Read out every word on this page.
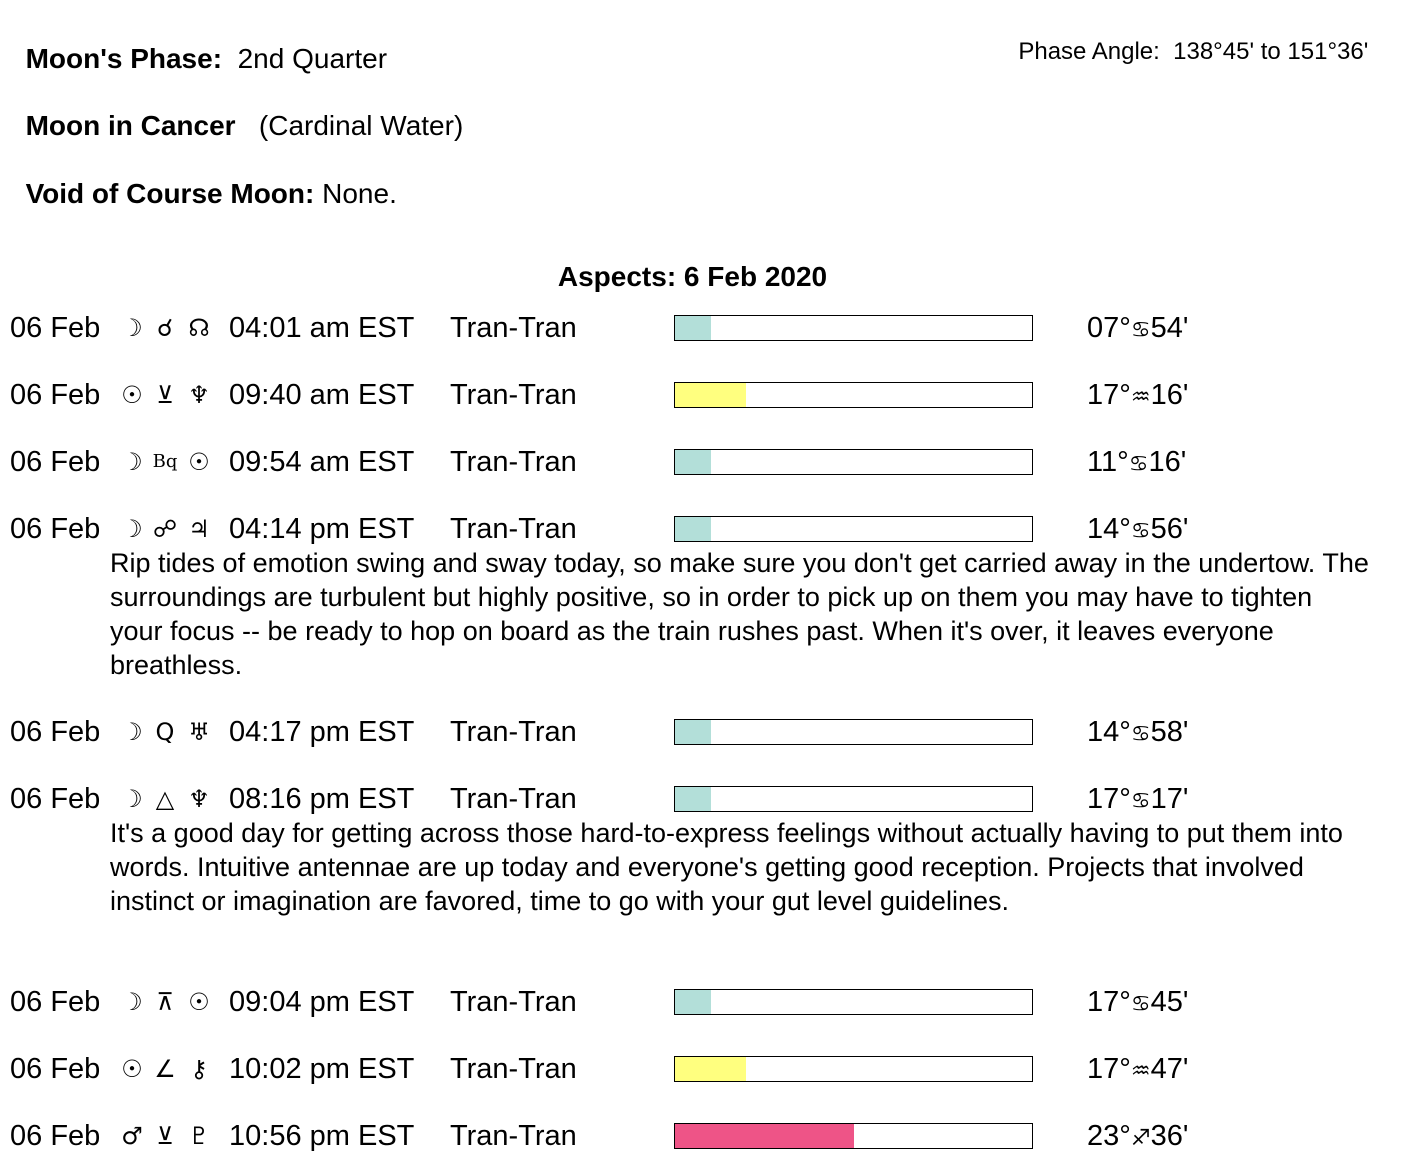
Moon's Phase: 2nd Quarter	Phase Angle: 138°45' to 151°36'

Moon in Cancer (Cardinal Water)

Void of Course Moon: None.

Aspects: 6 Feb 2020
06 Feb ☽ ☌ ☊ 04:01 am EST Tran-Tran	07°♋54'
06 Feb ☉ ⊻ ♆ 09:40 am EST Tran-Tran	17°♒16'
06 Feb ☽ Bq ☉ 09:54 am EST Tran-Tran	11°♋16'
06 Feb ☽ ☍ ♃ 04:14 pm EST Tran-Tran	14°♋56'
Rip tides of emotion swing and sway today, so make sure you don't get carried away in the undertow. The surroundings are turbulent but highly positive, so in order to pick up on them you may have to tighten your focus -- be ready to hop on board as the train rushes past. When it's over, it leaves everyone breathless.
06 Feb ☽ Q ♅ 04:17 pm EST Tran-Tran	14°♋58'
06 Feb ☽ △ ♆ 08:16 pm EST Tran-Tran	17°♋17'
It's a good day for getting across those hard-to-express feelings without actually having to put them into words. Intuitive antennae are up today and everyone's getting good reception. Projects that involved instinct or imagination are favored, time to go with your gut level guidelines.
06 Feb ☽ ⊼ ☉ 09:04 pm EST Tran-Tran	17°♋45'
06 Feb ☉ ∠ ⚷ 10:02 pm EST Tran-Tran	17°♒47'
06 Feb ♂ ⊻ ♇ 10:56 pm EST Tran-Tran	23°♐36'
